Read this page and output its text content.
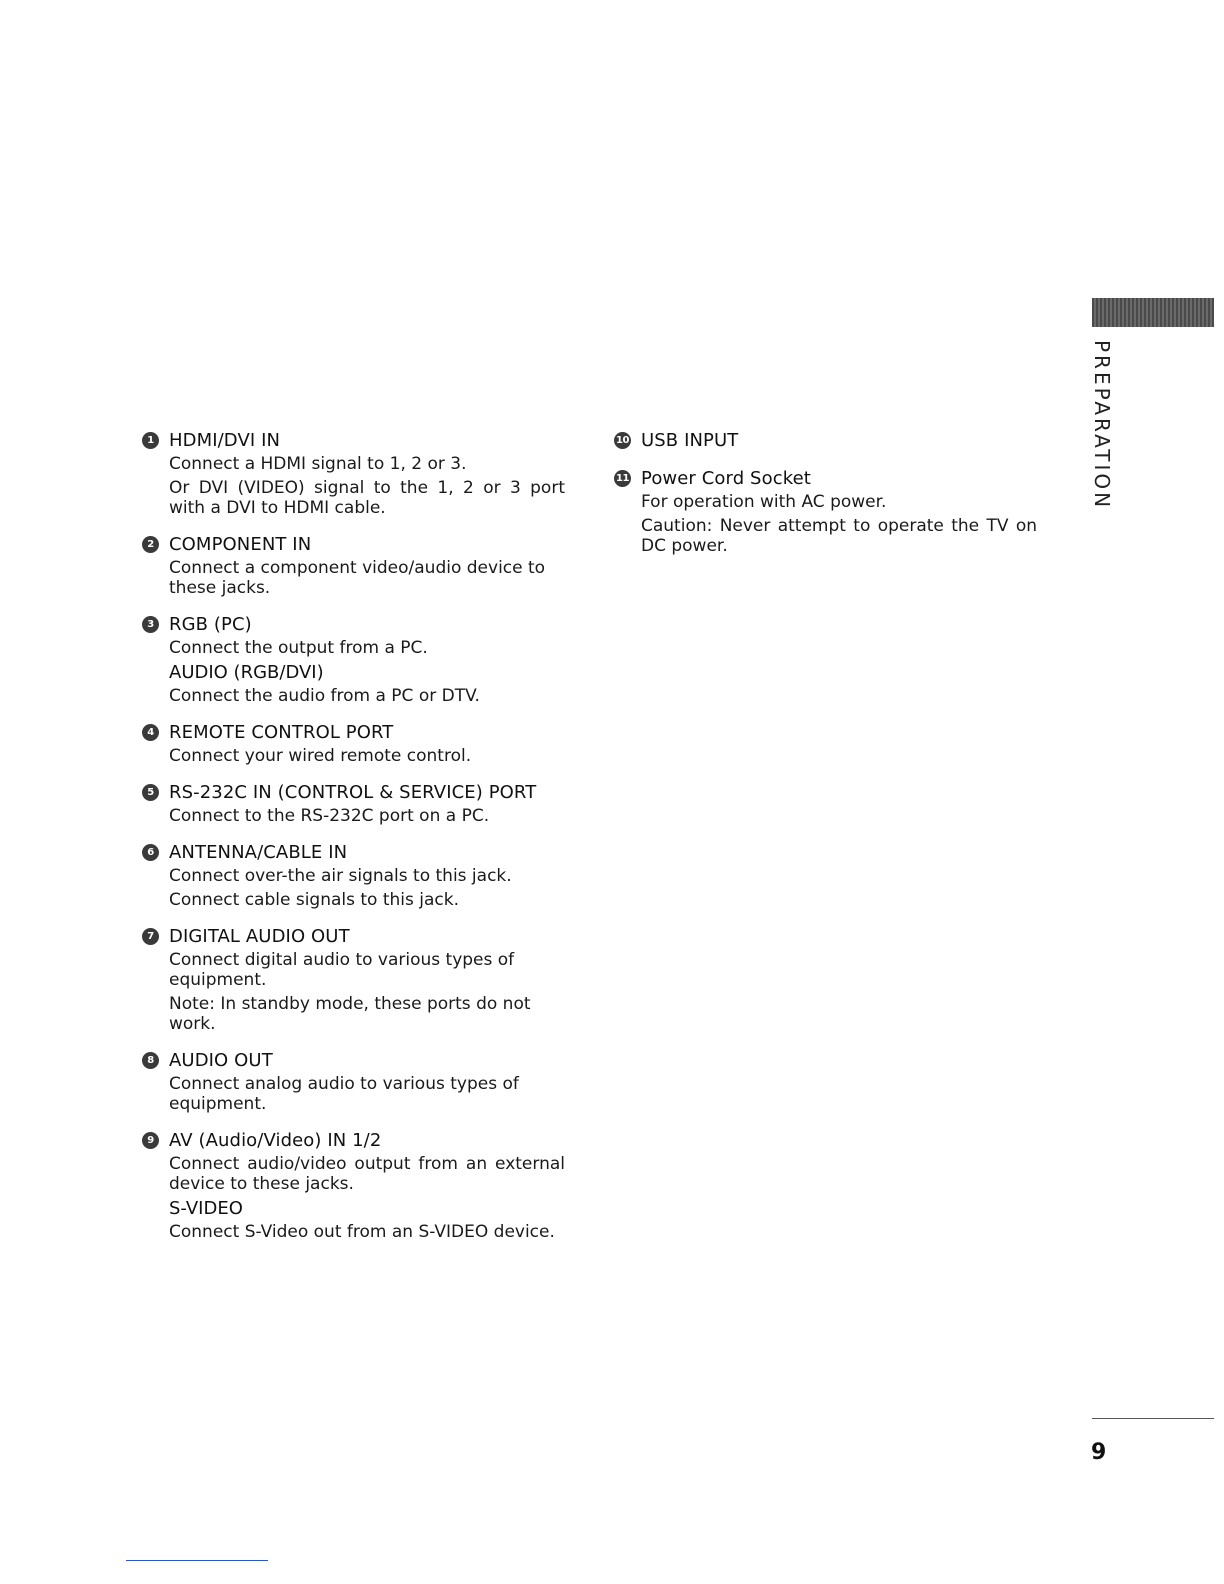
PREPARATION
1 HDMI/DVI IN

Connect a HDMI signal to 1, 2 or 3.

Or DVI (VIDEO) signal to the 1, 2 or 3 port with a DVI to HDMI cable.

2 COMPONENT IN

Connect a component video/audio device to these jacks.

3 RGB (PC)

Connect the output from a PC.

AUDIO (RGB/DVI)

Connect the audio from a PC or DTV.

4 REMOTE CONTROL PORT

Connect your wired remote control.

5 RS-232C IN (CONTROL & SERVICE) PORT

Connect to the RS-232C port on a PC.

6 ANTENNA/CABLE IN

Connect over-the air signals to this jack.

Connect cable signals to this jack.

7 DIGITAL AUDIO OUT

Connect digital audio to various types of equipment.

Note: In standby mode, these ports do not work.

8 AUDIO OUT

Connect analog audio to various types of equipment.

9 AV (Audio/Video) IN 1/2

Connect audio/video output from an external device to these jacks.

S-VIDEO

Connect S-Video out from an S-VIDEO device.

10 USB INPUT
11 Power Cord Socket

For operation with AC power.

Caution: Never attempt to operate the TV on DC power.

9
